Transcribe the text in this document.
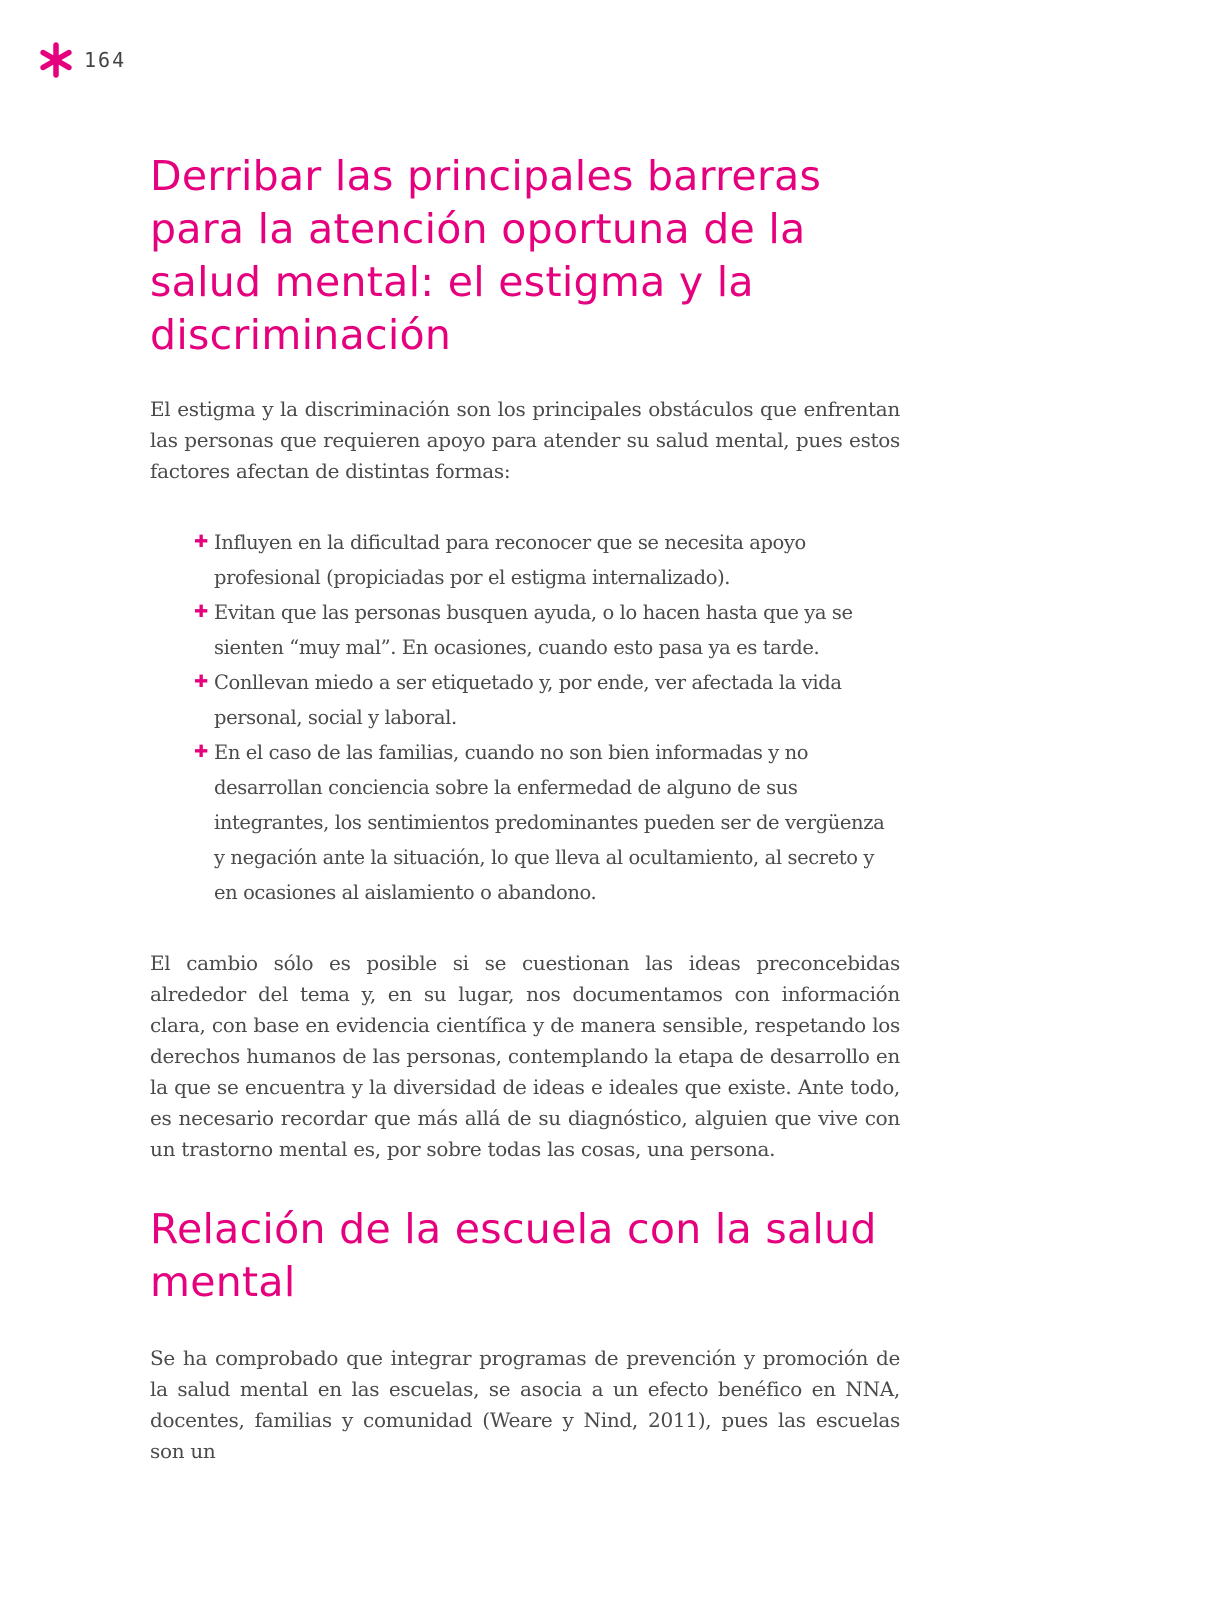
164
Derribar las principales barreras para la atención oportuna de la salud mental: el estigma y la discriminación

El estigma y la discriminación son los principales obstáculos que enfrentan las personas que requieren apoyo para atender su salud mental, pues estos factores afectan de distintas formas:

✚ Influyen en la dificultad para reconocer que se necesita apoyo profesional (propiciadas por el estigma internalizado).
✚ Evitan que las personas busquen ayuda, o lo hacen hasta que ya se sienten “muy mal”. En ocasiones, cuando esto pasa ya es tarde.
✚ Conllevan miedo a ser etiquetado y, por ende, ver afectada la vida personal, social y laboral.
✚ En el caso de las familias, cuando no son bien informadas y no desarrollan conciencia sobre la enfermedad de alguno de sus integrantes, los sentimientos predominantes pueden ser de vergüenza y negación ante la situación, lo que lleva al ocultamiento, al secreto y en ocasiones al aislamiento o abandono.

El cambio sólo es posible si se cuestionan las ideas preconcebidas alrededor del tema y, en su lugar, nos documentamos con información clara, con base en evidencia científica y de manera sensible, respetando los derechos humanos de las personas, contemplando la etapa de desarrollo en la que se encuentra y la diversidad de ideas e ideales que existe. Ante todo, es necesario recordar que más allá de su diagnóstico, alguien que vive con un trastorno mental es, por sobre todas las cosas, una persona.

Relación de la escuela con la salud mental

Se ha comprobado que integrar programas de prevención y promoción de la salud mental en las escuelas, se asocia a un efecto benéfico en NNA, docentes, familias y comunidad (Weare y Nind, 2011), pues las escuelas son un
